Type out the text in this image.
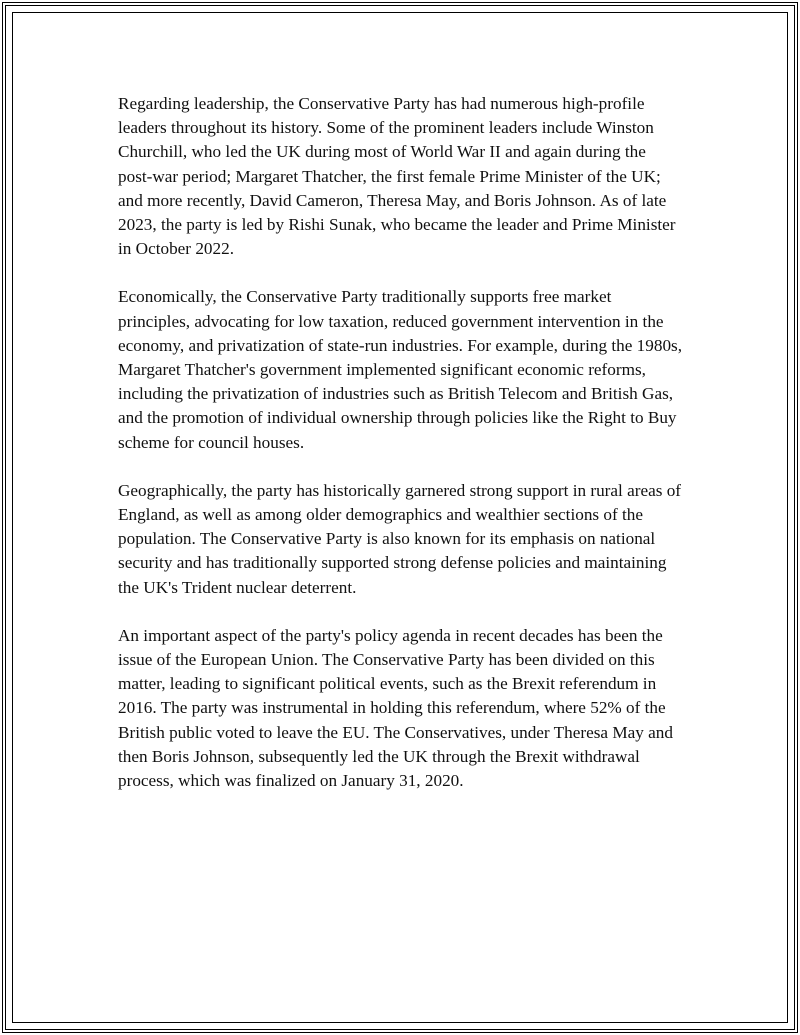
Regarding leadership, the Conservative Party has had numerous high-profile leaders throughout its history. Some of the prominent leaders include Winston Churchill, who led the UK during most of World War II and again during the post-war period; Margaret Thatcher, the first female Prime Minister of the UK; and more recently, David Cameron, Theresa May, and Boris Johnson. As of late 2023, the party is led by Rishi Sunak, who became the leader and Prime Minister in October 2022.

Economically, the Conservative Party traditionally supports free market principles, advocating for low taxation, reduced government intervention in the economy, and privatization of state-run industries. For example, during the 1980s, Margaret Thatcher's government implemented significant economic reforms, including the privatization of industries such as British Telecom and British Gas, and the promotion of individual ownership through policies like the Right to Buy scheme for council houses.

Geographically, the party has historically garnered strong support in rural areas of England, as well as among older demographics and wealthier sections of the population. The Conservative Party is also known for its emphasis on national security and has traditionally supported strong defense policies and maintaining the UK's Trident nuclear deterrent.

An important aspect of the party's policy agenda in recent decades has been the issue of the European Union. The Conservative Party has been divided on this matter, leading to significant political events, such as the Brexit referendum in 2016. The party was instrumental in holding this referendum, where 52% of the British public voted to leave the EU. The Conservatives, under Theresa May and then Boris Johnson, subsequently led the UK through the Brexit withdrawal process, which was finalized on January 31, 2020.
